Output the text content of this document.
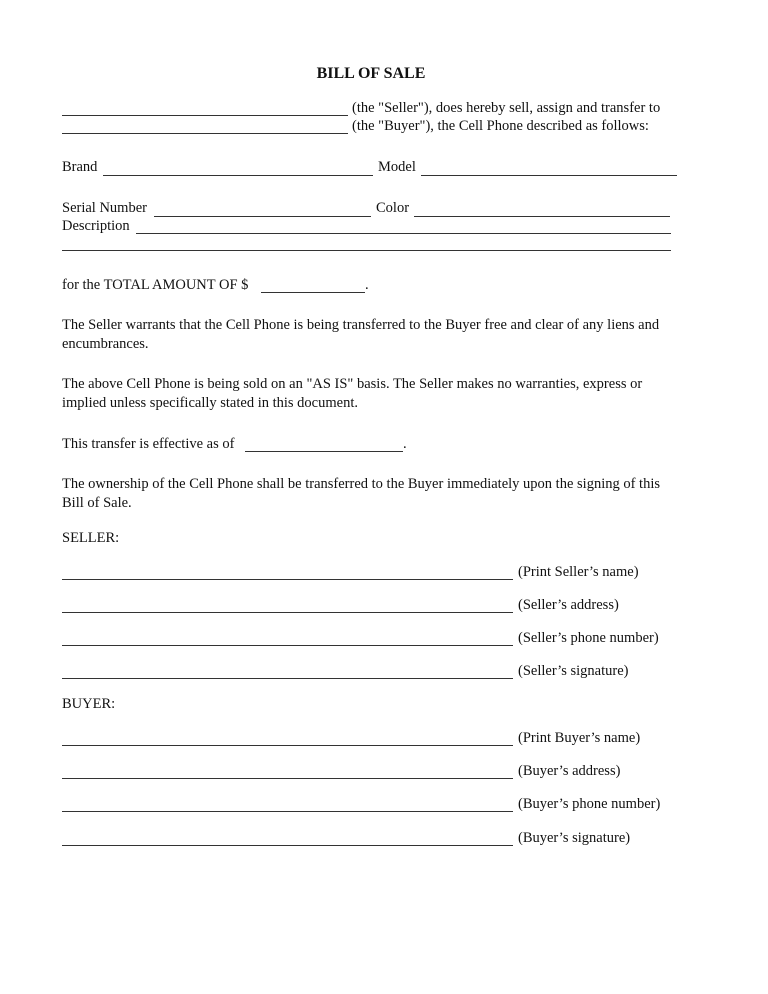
BILL OF SALE
(the "Seller"), does hereby sell, assign and transfer to
(the "Buyer"), the Cell Phone described as follows:
Brand	Model
Serial Number	Color
Description
for the TOTAL AMOUNT OF $	.
The Seller warrants that the Cell Phone is being transferred to the Buyer free and clear of any liens and encumbrances.
The above Cell Phone is being sold on an "AS IS" basis. The Seller makes no warranties, express or implied unless specifically stated in this document.
This transfer is effective as of	.
The ownership of the Cell Phone shall be transferred to the Buyer immediately upon the signing of this Bill of Sale.
SELLER:
(Print Seller’s name)
(Seller’s address)
(Seller’s phone number)
(Seller’s signature)
BUYER:
(Print Buyer’s name)
(Buyer’s address)
(Buyer’s phone number)
(Buyer’s signature)
